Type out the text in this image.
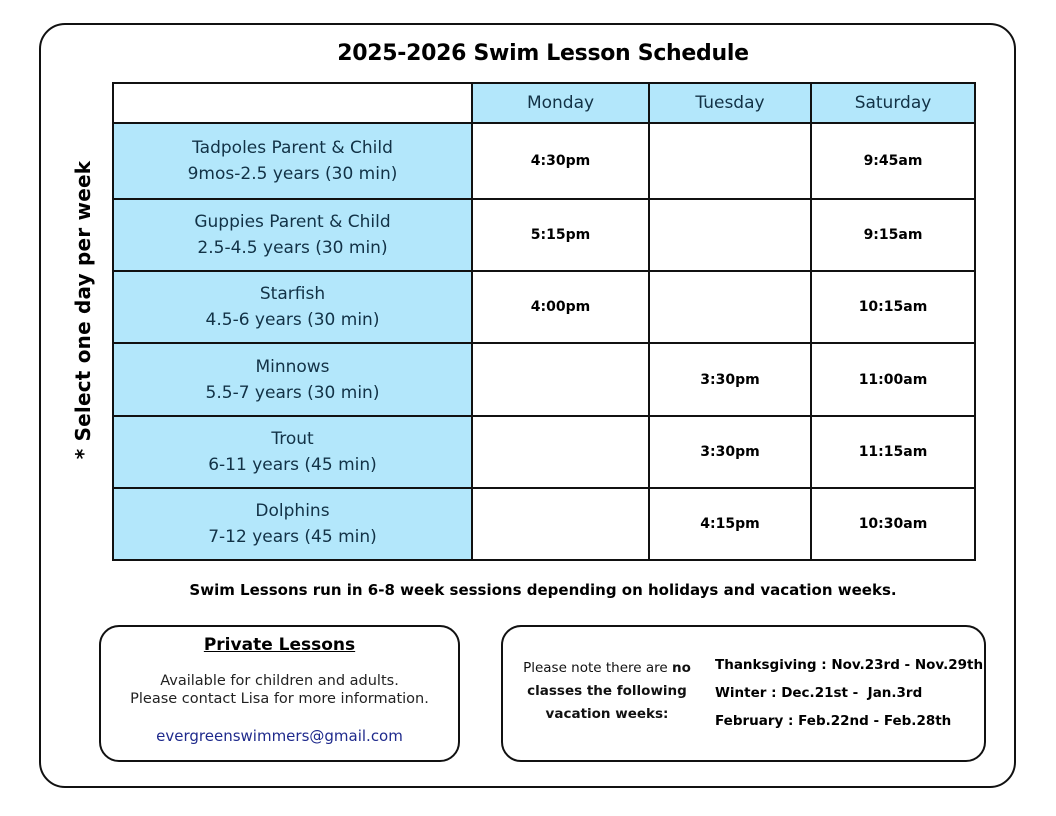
2025-2026 Swim Lesson Schedule
* Select one day per week
	Monday	Tuesday	Saturday

Tadpoles Parent & Child
9mos-2.5 years (30 min)	4:30pm		9:45am

Guppies Parent & Child
2.5-4.5 years (30 min)	5:15pm		9:15am

Starfish
4.5-6 years (30 min)	4:00pm		10:15am

Minnows
5.5-7 years (30 min)		3:30pm	11:00am

Trout
6-11 years (45 min)		3:30pm	11:15am

Dolphins
7-12 years (45 min)		4:15pm	10:30am
Swim Lessons run in 6-8 week sessions depending on holidays and vacation weeks.
Private Lessons
Available for children and adults.
Please contact Lisa for more information.
evergreenswimmers@gmail.com
Please note there are no classes the following vacation weeks:
Thanksgiving : Nov.23rd - Nov.29th
Winter : Dec.21st -  Jan.3rd
February : Feb.22nd - Feb.28th
